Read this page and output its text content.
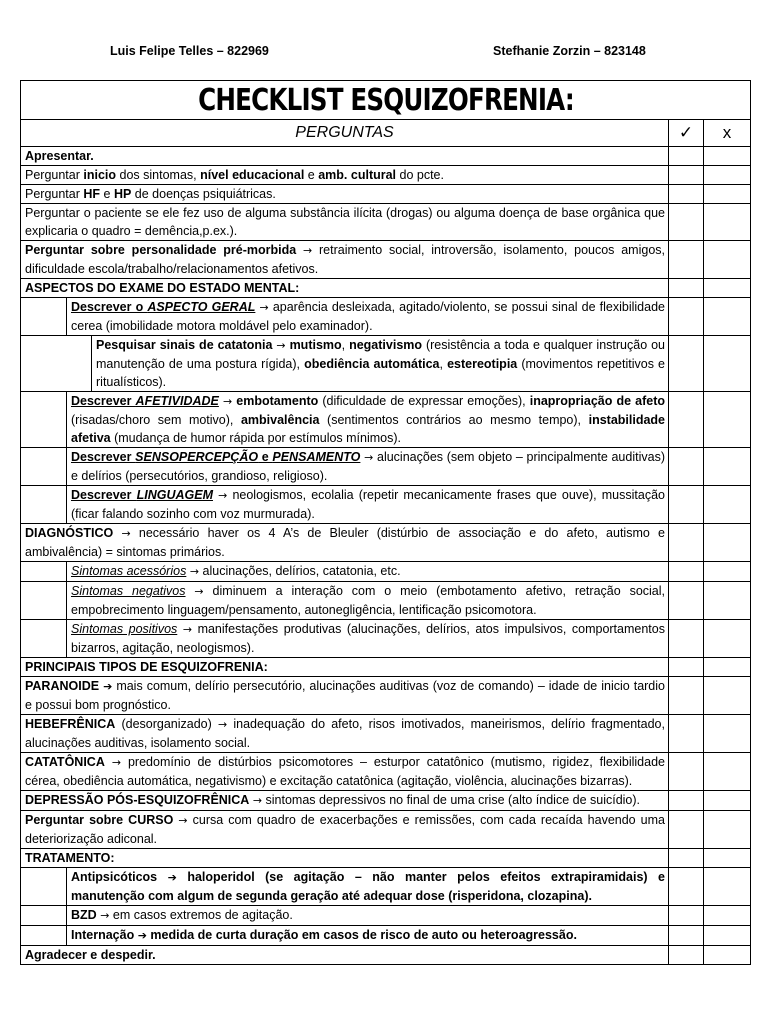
Luis Felipe Telles – 822969	Stefhanie Zorzin – 823148
CHECKLIST ESQUIZOFRENIA:		
PERGUNTAS	✓	x

Apresentar.		

Perguntar inicio dos sintomas, nível educacional e amb. cultural do pcte.		

Perguntar HF e HP de doenças psiquiátricas.		

Perguntar o paciente se ele fez uso de alguma substância ilícita (drogas) ou alguma doença de base orgânica que explicaria o quadro = demência,p.ex.).		

Perguntar sobre personalidade pré-morbida → retraimento social, introversão, isolamento, poucos amigos, dificuldade escola/trabalho/relacionamentos afetivos.		

ASPECTOS DO EXAME DO ESTADO MENTAL:		

Descrever o ASPECTO GERAL → aparência desleixada, agitado/violento, se possui sinal de flexibilidade cerea (imobilidade motora moldável pelo examinador).		

Pesquisar sinais de catatonia → mutismo, negativismo (resistência a toda e qualquer instrução ou manutenção de uma postura rígida), obediência automática, estereotipia (movimentos repetitivos e ritualísticos).		

Descrever AFETIVIDADE → embotamento (dificuldade de expressar emoções), inapropriação de afeto (risadas/choro sem motivo), ambivalência (sentimentos contrários ao mesmo tempo), instabilidade afetiva (mudança de humor rápida por estímulos mínimos).		

Descrever SENSOPERCEPÇÃO e PENSAMENTO → alucinações (sem objeto – principalmente auditivas) e delírios (persecutórios, grandioso, religioso).		

Descrever LINGUAGEM → neologismos, ecolalia (repetir mecanicamente frases que ouve), mussitação (ficar falando sozinho com voz murmurada).		

DIAGNÓSTICO → necessário haver os 4 A’s de Bleuler (distúrbio de associação e do afeto, autismo e ambivalência) = sintomas primários.		

Sintomas acessórios → alucinações, delírios, catatonia, etc.		

Sintomas negativos → diminuem a interação com o meio (embotamento afetivo, retração social, empobrecimento linguagem/pensamento, autonegligência, lentificação psicomotora.		

Sintomas positivos → manifestações produtivas (alucinações, delírios, atos impulsivos, comportamentos bizarros, agitação, neologismos).		

PRINCIPAIS TIPOS DE ESQUIZOFRENIA:		

PARANOIDE ➔ mais comum, delírio persecutório, alucinações auditivas (voz de comando) – idade de inicio tardio e possui bom prognóstico.		

HEBEFRÊNICA (desorganizado) → inadequação do afeto, risos imotivados, maneirismos, delírio fragmentado, alucinações auditivas, isolamento social.		

CATATÔNICA → predomínio de distúrbios psicomotores – esturpor catatônico (mutismo, rigidez, flexibilidade cérea, obediência automática, negativismo) e excitação catatônica (agitação, violência, alucinações bizarras).		

DEPRESSÃO PÓS-ESQUIZOFRÊNICA → sintomas depressivos no final de uma crise (alto índice de suicídio).		

Perguntar sobre CURSO → cursa com quadro de exacerbações e remissões, com cada recaída havendo uma deteriorização adiconal.		

TRATAMENTO:		

Antipsicóticos ➔ haloperidol (se agitação – não manter pelos efeitos extrapiramidais) e manutenção com algum de segunda geração até adequar dose (risperidona, clozapina).		

BZD → em casos extremos de agitação.		

Internação ➔ medida de curta duração em casos de risco de auto ou heteroagressão.		

Agradecer e despedir.		
